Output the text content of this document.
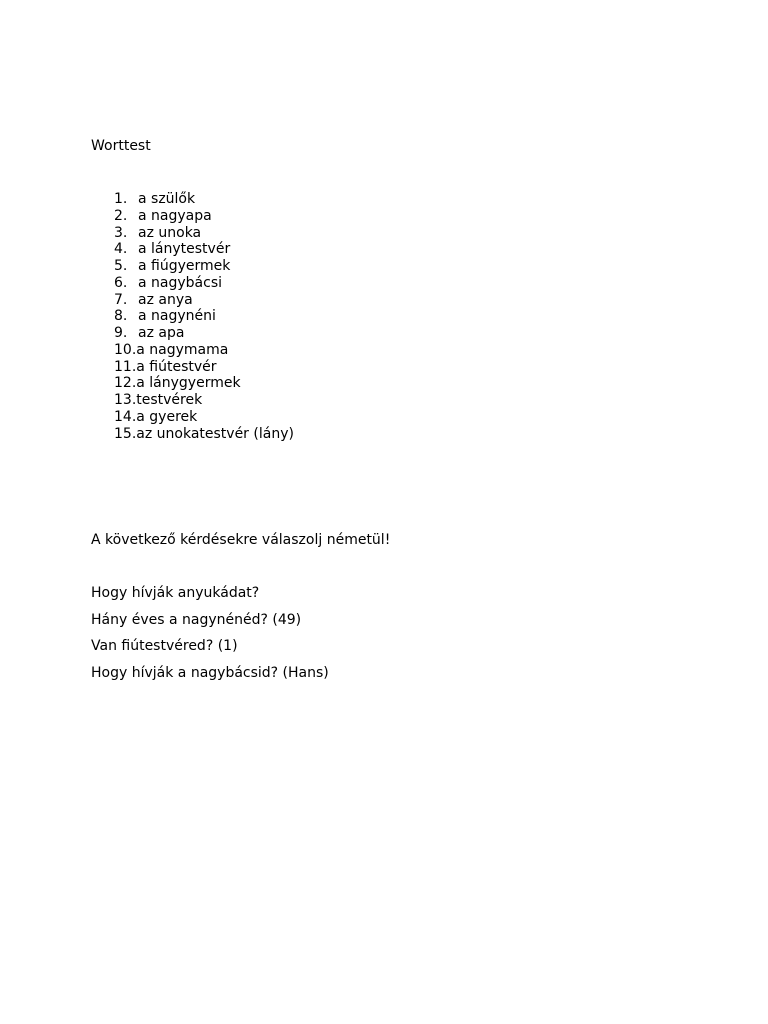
Worttest
1. a szülők
2. a nagyapa
3. az unoka
4. a lánytestvér
5. a fiúgyermek
6. a nagybácsi
7. az anya
8. a nagynéni
9. az apa
10. a nagymama
11. a fiútestvér
12. a lánygyermek
13. testvérek
14. a gyerek
15. az unokatestvér (lány)
A következő kérdésekre válaszolj németül!
Hogy hívják anyukádat?
Hány éves a nagynénéd? (49)
Van fiútestvéred? (1)
Hogy hívják a nagybácsid? (Hans)
